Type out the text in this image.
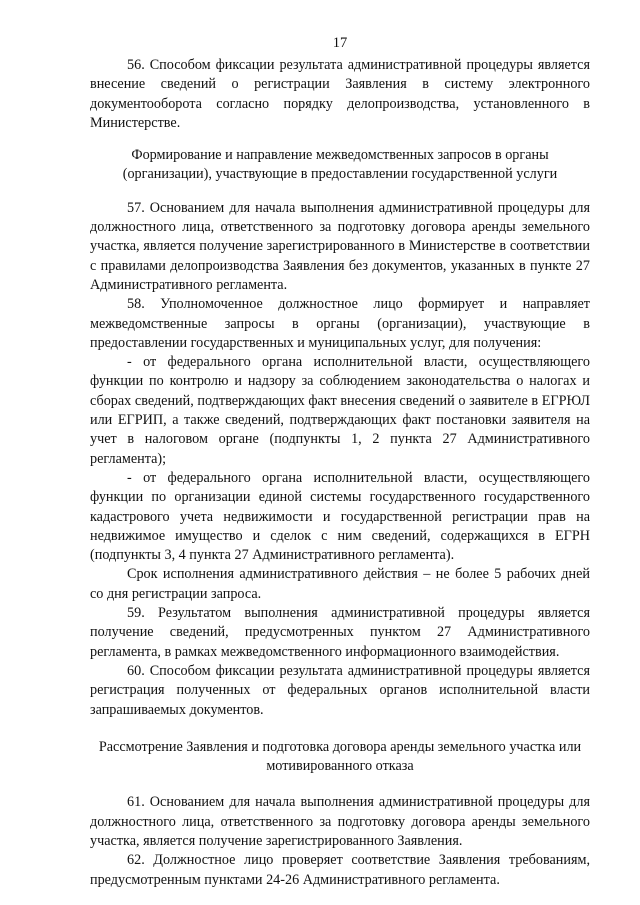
17

56. Способом фиксации результата административной процедуры является внесение сведений о регистрации Заявления в систему электронного документооборота согласно порядку делопроизводства, установленного в Министерстве.

Формирование и направление межведомственных запросов в органы (организации), участвующие в предоставлении государственной услуги

57. Основанием для начала выполнения административной процедуры для должностного лица, ответственного за подготовку договора аренды земельного участка, является получение зарегистрированного в Министерстве в соответствии с правилами делопроизводства Заявления без документов, указанных в пункте 27 Административного регламента.

58. Уполномоченное должностное лицо формирует и направляет межведомственные запросы в органы (организации), участвующие в предоставлении государственных и муниципальных услуг, для получения:

- от федерального органа исполнительной власти, осуществляющего функции по контролю и надзору за соблюдением законодательства о налогах и сборах сведений, подтверждающих факт внесения сведений о заявителе в ЕГРЮЛ или ЕГРИП, а также сведений, подтверждающих факт постановки заявителя на учет в налоговом органе (подпункты 1, 2 пункта 27 Административного регламента);

- от федерального органа исполнительной власти, осуществляющего функции по организации единой системы государственного государственного кадастрового учета недвижимости и государственной регистрации прав на недвижимое имущество и сделок с ним сведений, содержащихся в ЕГРН (подпункты 3, 4 пункта 27 Административного регламента).

Срок исполнения административного действия – не более 5 рабочих дней со дня регистрации запроса.

59. Результатом выполнения административной процедуры является получение сведений, предусмотренных пунктом 27 Административного регламента, в рамках межведомственного информационного взаимодействия.

60. Способом фиксации результата административной процедуры является регистрация полученных от федеральных органов исполнительной власти запрашиваемых документов.

Рассмотрение Заявления и подготовка договора аренды земельного участка или мотивированного отказа

61. Основанием для начала выполнения административной процедуры для должностного лица, ответственного за подготовку договора аренды земельного участка, является получение зарегистрированного Заявления.

62. Должностное лицо проверяет соответствие Заявления требованиям, предусмотренным пунктами 24-26 Административного регламента.
